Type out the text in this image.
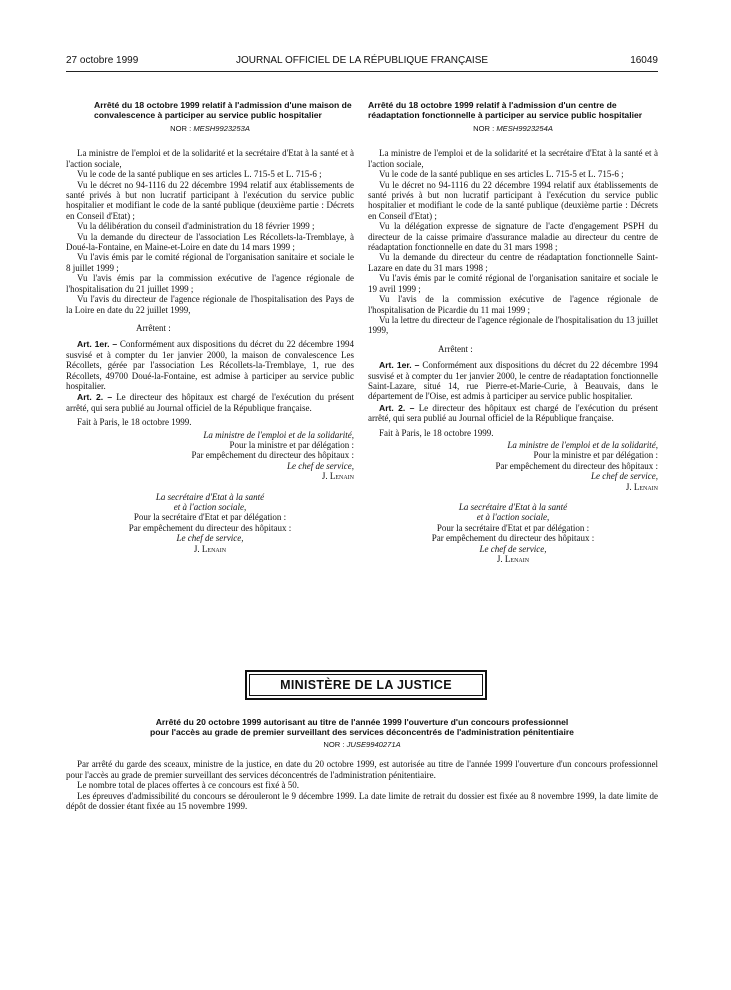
27 octobre 1999	JOURNAL OFFICIEL DE LA RÉPUBLIQUE FRANÇAISE	16049

Arrêté du 18 octobre 1999 relatif à l'admission d'une maison de convalescence à participer au service public hospitalier

NOR : MESH9923253A

La ministre de l'emploi et de la solidarité et la secrétaire d'Etat à la santé et à l'action sociale,

Vu le code de la santé publique en ses articles L. 715-5 et L. 715-6 ;

Vu le décret no 94-1116 du 22 décembre 1994 relatif aux établissements de santé privés à but non lucratif participant à l'exécution du service public hospitalier et modifiant le code de la santé publique (deuxième partie : Décrets en Conseil d'Etat) ;

Vu la délibération du conseil d'administration du 18 février 1999 ;

Vu la demande du directeur de l'association Les Récollets-la-Tremblaye, à Doué-la-Fontaine, en Maine-et-Loire en date du 14 mars 1999 ;

Vu l'avis émis par le comité régional de l'organisation sanitaire et sociale le 8 juillet 1999 ;

Vu l'avis émis par la commission exécutive de l'agence régionale de l'hospitalisation du 21 juillet 1999 ;

Vu l'avis du directeur de l'agence régionale de l'hospitalisation des Pays de la Loire en date du 22 juillet 1999,

Arrêtent :

Art. 1er. – Conformément aux dispositions du décret du 22 décembre 1994 susvisé et à compter du 1er janvier 2000, la maison de convalescence Les Récollets, gérée par l'association Les Récollets-la-Tremblaye, 1, rue des Récollets, 49700 Doué-la-Fontaine, est admise à participer au service public hospitalier.

Art. 2. – Le directeur des hôpitaux est chargé de l'exécution du présent arrêté, qui sera publié au Journal officiel de la République française.

Fait à Paris, le 18 octobre 1999.

La ministre de l'emploi et de la solidarité,

Pour la ministre et par délégation :

Par empêchement du directeur des hôpitaux :

Le chef de service,

J. Lenain

La secrétaire d'Etat à la santé

et à l'action sociale,

Pour la secrétaire d'Etat et par délégation :

Par empêchement du directeur des hôpitaux :

Le chef de service,

J. Lenain

Arrêté du 18 octobre 1999 relatif à l'admission d'un centre de réadaptation fonctionnelle à participer au service public hospitalier

NOR : MESH9923254A

La ministre de l'emploi et de la solidarité et la secrétaire d'Etat à la santé et à l'action sociale,

Vu le code de la santé publique en ses articles L. 715-5 et L. 715-6 ;

Vu le décret no 94-1116 du 22 décembre 1994 relatif aux établissements de santé privés à but non lucratif participant à l'exécution du service public hospitalier et modifiant le code de la santé publique (deuxième partie : Décrets en Conseil d'Etat) ;

Vu la délégation expresse de signature de l'acte d'engagement PSPH du directeur de la caisse primaire d'assurance maladie au directeur du centre de réadaptation fonctionnelle en date du 31 mars 1998 ;

Vu la demande du directeur du centre de réadaptation fonctionnelle Saint-Lazare en date du 31 mars 1998 ;

Vu l'avis émis par le comité régional de l'organisation sanitaire et sociale le 19 avril 1999 ;

Vu l'avis de la commission exécutive de l'agence régionale de l'hospitalisation de Picardie du 11 mai 1999 ;

Vu la lettre du directeur de l'agence régionale de l'hospitalisation du 13 juillet 1999,

Arrêtent :

Art. 1er. – Conformément aux dispositions du décret du 22 décembre 1994 susvisé et à compter du 1er janvier 2000, le centre de réadaptation fonctionnelle Saint-Lazare, situé 14, rue Pierre-et-Marie-Curie, à Beauvais, dans le département de l'Oise, est admis à participer au service public hospitalier.

Art. 2. – Le directeur des hôpitaux est chargé de l'exécution du présent arrêté, qui sera publié au Journal officiel de la République française.

Fait à Paris, le 18 octobre 1999.

La ministre de l'emploi et de la solidarité,

Pour la ministre et par délégation :

Par empêchement du directeur des hôpitaux :

Le chef de service,

J. Lenain

La secrétaire d'Etat à la santé

et à l'action sociale,

Pour la secrétaire d'Etat et par délégation :

Par empêchement du directeur des hôpitaux :

Le chef de service,

J. Lenain

MINISTÈRE DE LA JUSTICE

Arrêté du 20 octobre 1999 autorisant au titre de l'année 1999 l'ouverture d'un concours professionnel

pour l'accès au grade de premier surveillant des services déconcentrés de l'administration pénitentiaire

NOR : JUSE9940271A

Par arrêté du garde des sceaux, ministre de la justice, en date du 20 octobre 1999, est autorisée au titre de l'année 1999 l'ouverture d'un concours professionnel pour l'accès au grade de premier surveillant des services déconcentrés de l'administration pénitentiaire.

Le nombre total de places offertes à ce concours est fixé à 50.

Les épreuves d'admissibilité du concours se dérouleront le 9 décembre 1999. La date limite de retrait du dossier est fixée au 8 novembre 1999, la date limite de dépôt de dossier étant fixée au 15 novembre 1999.
